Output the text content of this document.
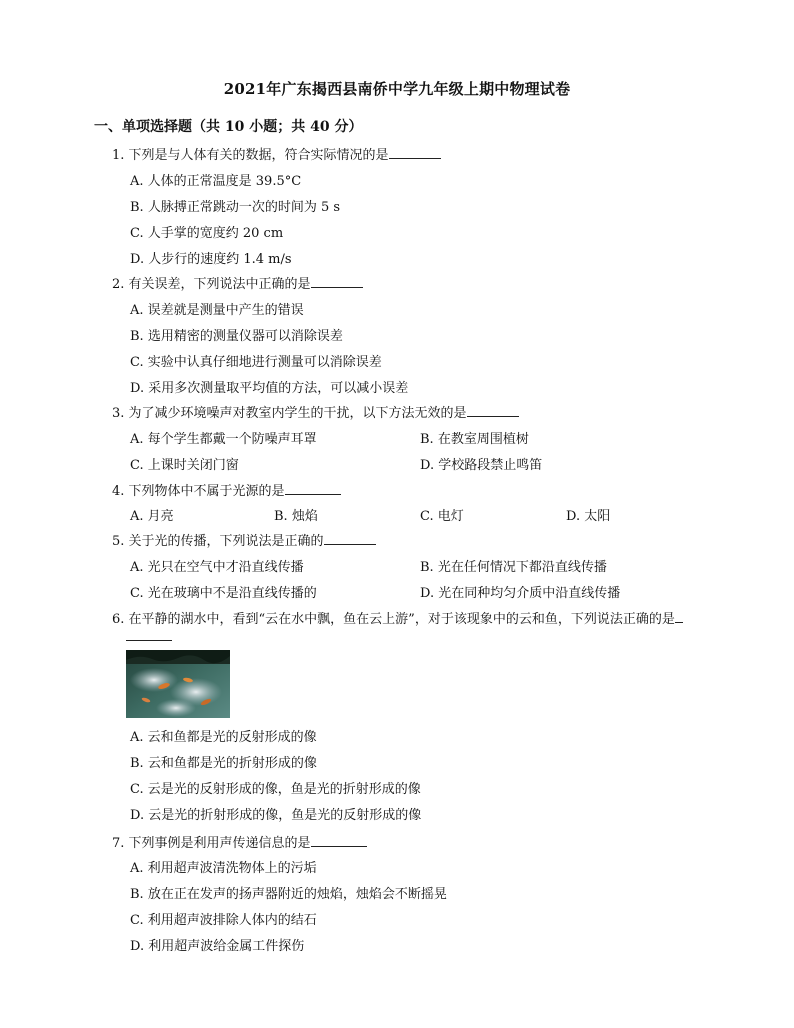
2021年广东揭西县南侨中学九年级上期中物理试卷
一、单项选择题（共 10 小题；共 40 分）
1. 下列是与人体有关的数据，符合实际情况的是
A. 人体的正常温度是 39.5°C
B. 人脉搏正常跳动一次的时间为 5 s
C. 人手掌的宽度约 20 cm
D. 人步行的速度约 1.4 m/s
2. 有关误差，下列说法中正确的是
A. 误差就是测量中产生的错误
B. 选用精密的测量仪器可以消除误差
C. 实验中认真仔细地进行测量可以消除误差
D. 采用多次测量取平均值的方法，可以减小误差
3. 为了减少环境噪声对教室内学生的干扰，以下方法无效的是
A. 每个学生都戴一个防噪声耳罩	B. 在教室周围植树
C. 上课时关闭门窗	D. 学校路段禁止鸣笛
4. 下列物体中不属于光源的是
A. 月亮	B. 烛焰	C. 电灯	D. 太阳
5. 关于光的传播，下列说法是正确的
A. 光只在空气中才沿直线传播	B. 光在任何情况下都沿直线传播
C. 光在玻璃中不是沿直线传播的	D. 光在同种均匀介质中沿直线传播
6. 在平静的湖水中，看到“云在水中飘，鱼在云上游”，对于该现象中的云和鱼，下列说法正确的是
A. 云和鱼都是光的反射形成的像
B. 云和鱼都是光的折射形成的像
C. 云是光的反射形成的像，鱼是光的折射形成的像
D. 云是光的折射形成的像，鱼是光的反射形成的像
7. 下列事例是利用声传递信息的是
A. 利用超声波清洗物体上的污垢
B. 放在正在发声的扬声器附近的烛焰，烛焰会不断摇晃
C. 利用超声波排除人体内的结石
D. 利用超声波给金属工件探伤
